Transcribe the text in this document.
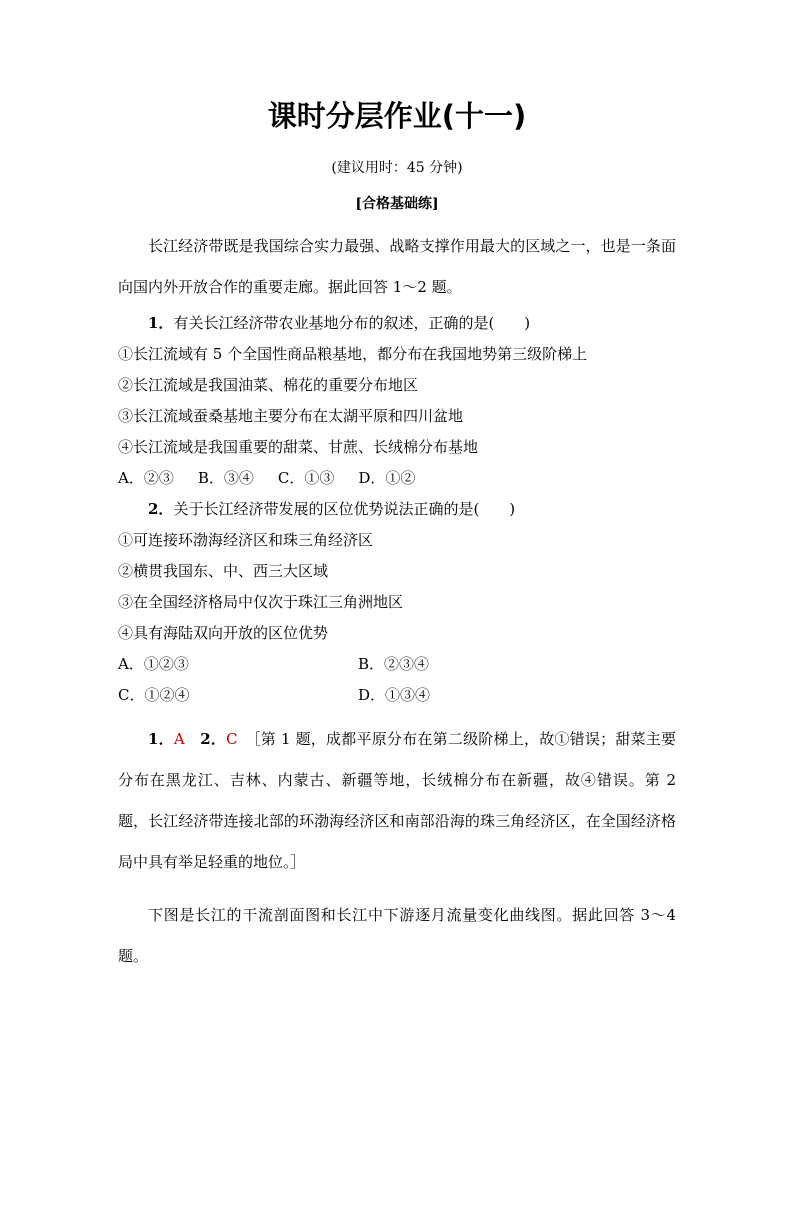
课时分层作业(十一)
(建议用时：45 分钟)
[合格基础练]

长江经济带既是我国综合实力最强、战略支撑作用最大的区域之一，也是一条面向国内外开放合作的重要走廊。据此回答 1～2 题。

1．有关长江经济带农业基地分布的叙述，正确的是(　　)

①长江流域有 5 个全国性商品粮基地，都分布在我国地势第三级阶梯上

②长江流域是我国油菜、棉花的重要分布地区

③长江流域蚕桑基地主要分布在太湖平原和四川盆地

④长江流域是我国重要的甜菜、甘蔗、长绒棉分布基地

A．②③ B．③④ C．①③ D．①②

2．关于长江经济带发展的区位优势说法正确的是(　　)

①可连接环渤海经济区和珠三角经济区

②横贯我国东、中、西三大区域

③在全国经济格局中仅次于珠江三角洲地区

④具有海陆双向开放的区位优势

A．①②③	B．②③④
C．①②④	D．①③④

1．A　 2．C　 ［第 1 题，成都平原分布在第二级阶梯上，故①错误；甜菜主要分布在黑龙江、吉林、内蒙古、新疆等地，长绒棉分布在新疆，故④错误。第 2 题，长江经济带连接北部的环渤海经济区和南部沿海的珠三角经济区，在全国经济格局中具有举足轻重的地位。］

下图是长江的干流剖面图和长江中下游逐月流量变化曲线图。据此回答 3～4 题。
